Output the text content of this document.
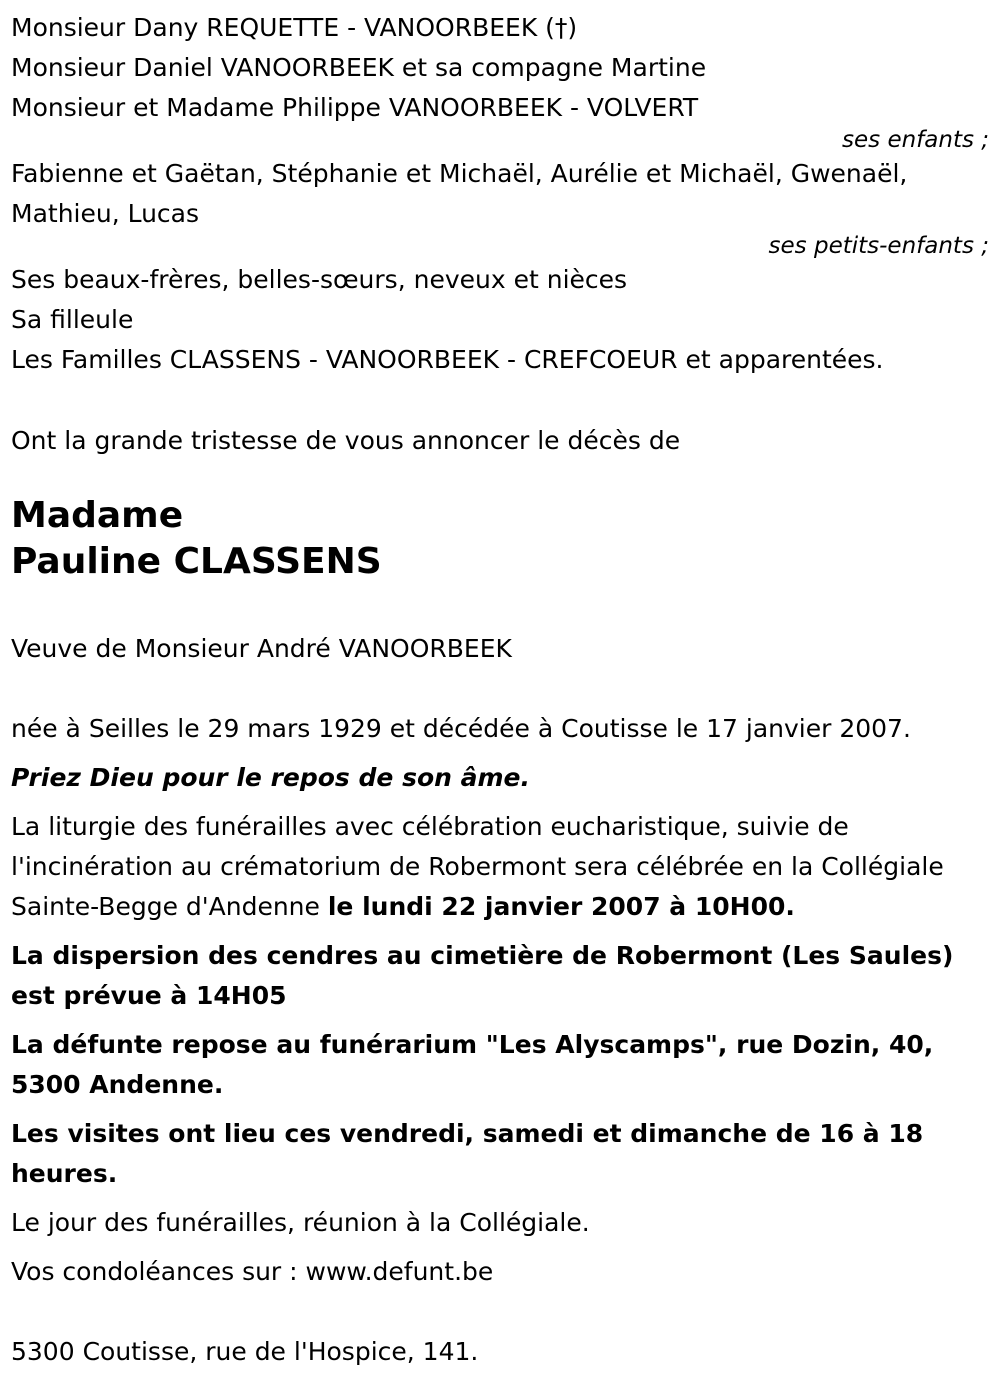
Monsieur Dany REQUETTE - VANOORBEEK (†)
Monsieur Daniel VANOORBEEK et sa compagne Martine
Monsieur et Madame Philippe VANOORBEEK - VOLVERT
ses enfants ;
Fabienne et Gaëtan, Stéphanie et Michaël, Aurélie et Michaël, Gwenaël, Mathieu, Lucas
ses petits-enfants ;
Ses beaux-frères, belles-sœurs, neveux et nièces
Sa filleule
Les Familles CLASSENS - VANOORBEEK - CREFCOEUR et apparentées.
Ont la grande tristesse de vous annoncer le décès de
Madame
Pauline CLASSENS
Veuve de Monsieur André VANOORBEEK
née à Seilles le 29 mars 1929 et décédée à Coutisse le 17 janvier 2007.
Priez Dieu pour le repos de son âme.
La liturgie des funérailles avec célébration eucharistique, suivie de l'incinération au crématorium de Robermont sera célébrée en la Collégiale Sainte-Begge d'Andenne le lundi 22 janvier 2007 à 10H00.
La dispersion des cendres au cimetière de Robermont (Les Saules) est prévue à 14H05
La défunte repose au funérarium "Les Alyscamps", rue Dozin, 40, 5300 Andenne.
Les visites ont lieu ces vendredi, samedi et dimanche de 16 à 18 heures.
Le jour des funérailles, réunion à la Collégiale.
Vos condoléances sur : www.defunt.be
5300 Coutisse, rue de l'Hospice, 141.
